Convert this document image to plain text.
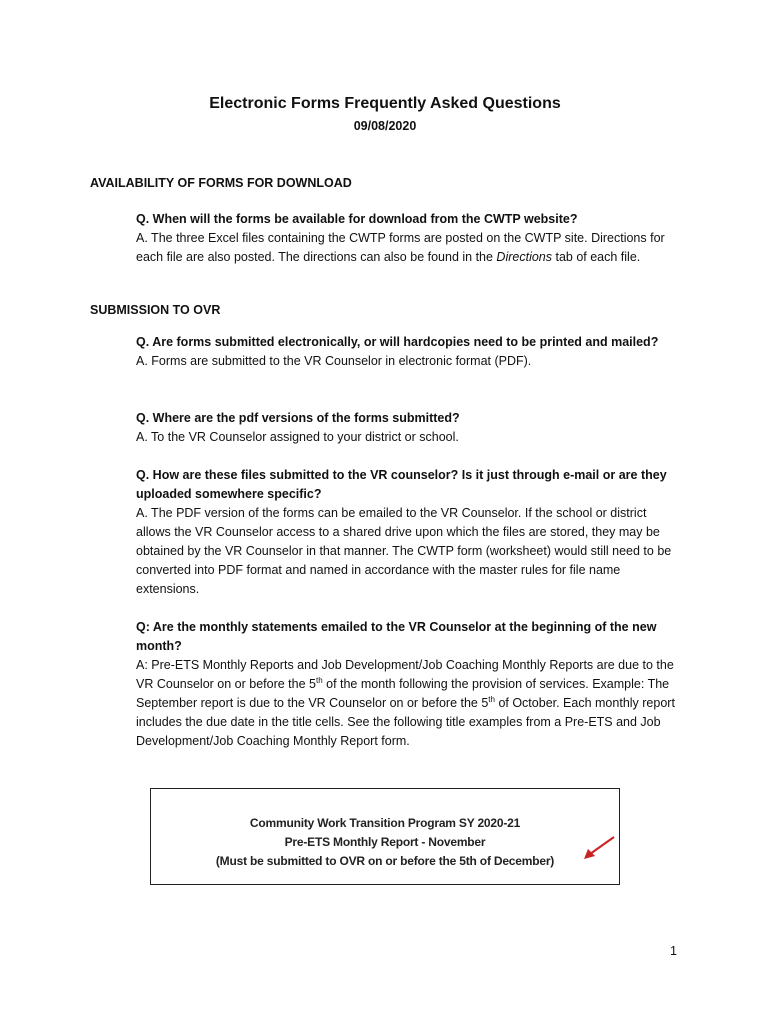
Electronic Forms Frequently Asked Questions
09/08/2020
AVAILABILITY OF FORMS FOR DOWNLOAD

Q. When will the forms be available for download from the CWTP website?

A. The three Excel files containing the CWTP forms are posted on the CWTP site. Directions for each file are also posted. The directions can also be found in the Directions tab of each file.

SUBMISSION TO OVR

Q. Are forms submitted electronically, or will hardcopies need to be printed and mailed?

A. Forms are submitted to the VR Counselor in electronic format (PDF).

Q. Where are the pdf versions of the forms submitted?

A. To the VR Counselor assigned to your district or school.

Q. How are these files submitted to the VR counselor? Is it just through e-mail or are they uploaded somewhere specific?

A. The PDF version of the forms can be emailed to the VR Counselor. If the school or district allows the VR Counselor access to a shared drive upon which the files are stored, they may be obtained by the VR Counselor in that manner. The CWTP form (worksheet) would still need to be converted into PDF format and named in accordance with the master rules for file name extensions.

Q: Are the monthly statements emailed to the VR Counselor at the beginning of the new month?

A: Pre-ETS Monthly Reports and Job Development/Job Coaching Monthly Reports are due to the VR Counselor on or before the 5th of the month following the provision of services. Example: The September report is due to the VR Counselor on or before the 5th of October. Each monthly report includes the due date in the title cells. See the following title examples from a Pre-ETS and Job Development/Job Coaching Monthly Report form.

Community Work Transition Program SY 2020-21
Pre-ETS Monthly Report - November
(Must be submitted to OVR on or before the 5th of December)
1
